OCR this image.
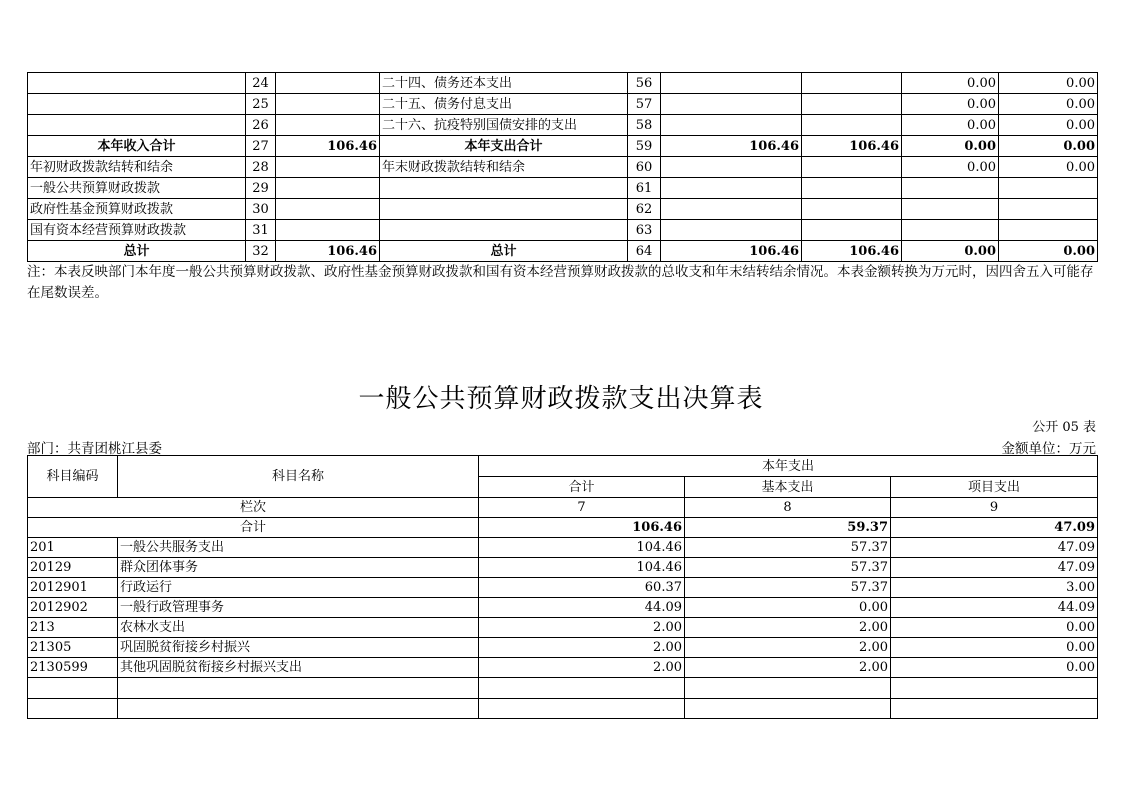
	24		二十四、债务还本支出	56			0.00	0.00
	25		二十五、债务付息支出	57			0.00	0.00
	26		二十六、抗疫特别国债安排的支出	58			0.00	0.00
本年收入合计	27	106.46	本年支出合计	59	106.46	106.46	0.00	0.00
年初财政拨款结转和结余	28		年末财政拨款结转和结余	60			0.00	0.00
一般公共预算财政拨款	29			61				
政府性基金预算财政拨款	30			62				
国有资本经营预算财政拨款	31			63				
总计	32	106.46	总计	64	106.46	106.46	0.00	0.00
注：本表反映部门本年度一般公共预算财政拨款、政府性基金预算财政拨款和国有资本经营预算财政拨款的总收支和年末结转结余情况。本表金额转换为万元时，因四舍五入可能存在尾数误差。
一般公共预算财政拨款支出决算表
公开 05 表
部门：共青团桃江县委	金额单位：万元
科目编码	科目名称	本年支出		
		合计	基本支出	项目支出
栏次		7	8	9
合计		106.46	59.37	47.09
201	一般公共服务支出	104.46	57.37	47.09
20129	群众团体事务	104.46	57.37	47.09
2012901	行政运行	60.37	57.37	3.00
2012902	一般行政管理事务	44.09	0.00	44.09
213	农林水支出	2.00	2.00	0.00
21305	巩固脱贫衔接乡村振兴	2.00	2.00	0.00
2130599	其他巩固脱贫衔接乡村振兴支出	2.00	2.00	0.00
